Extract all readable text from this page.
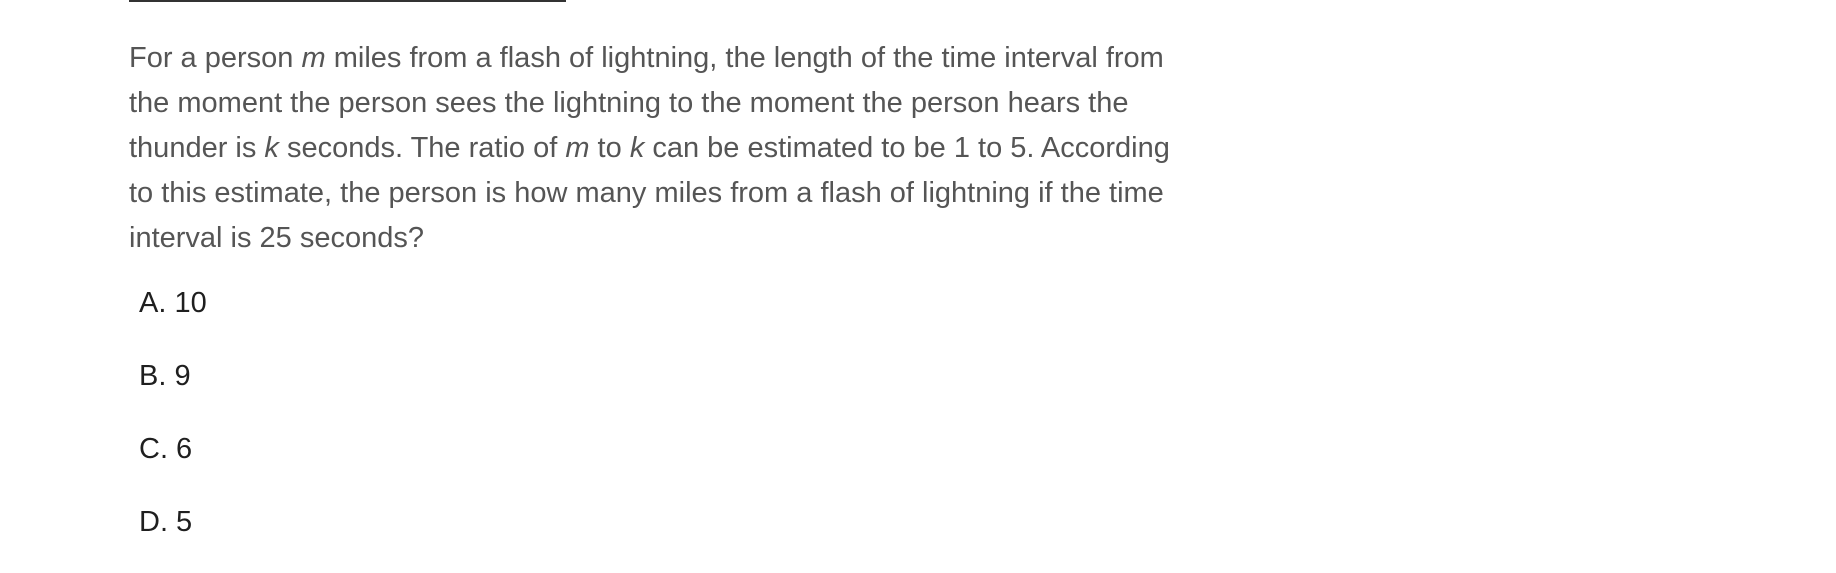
For a person m miles from a flash of lightning, the length of the time interval from the moment the person sees the lightning to the moment the person hears the thunder is k seconds. The ratio of m to k can be estimated to be 1 to 5. According to this estimate, the person is how many miles from a flash of lightning if the time interval is 25 seconds?

A. 10
B. 9
C. 6
D. 5
